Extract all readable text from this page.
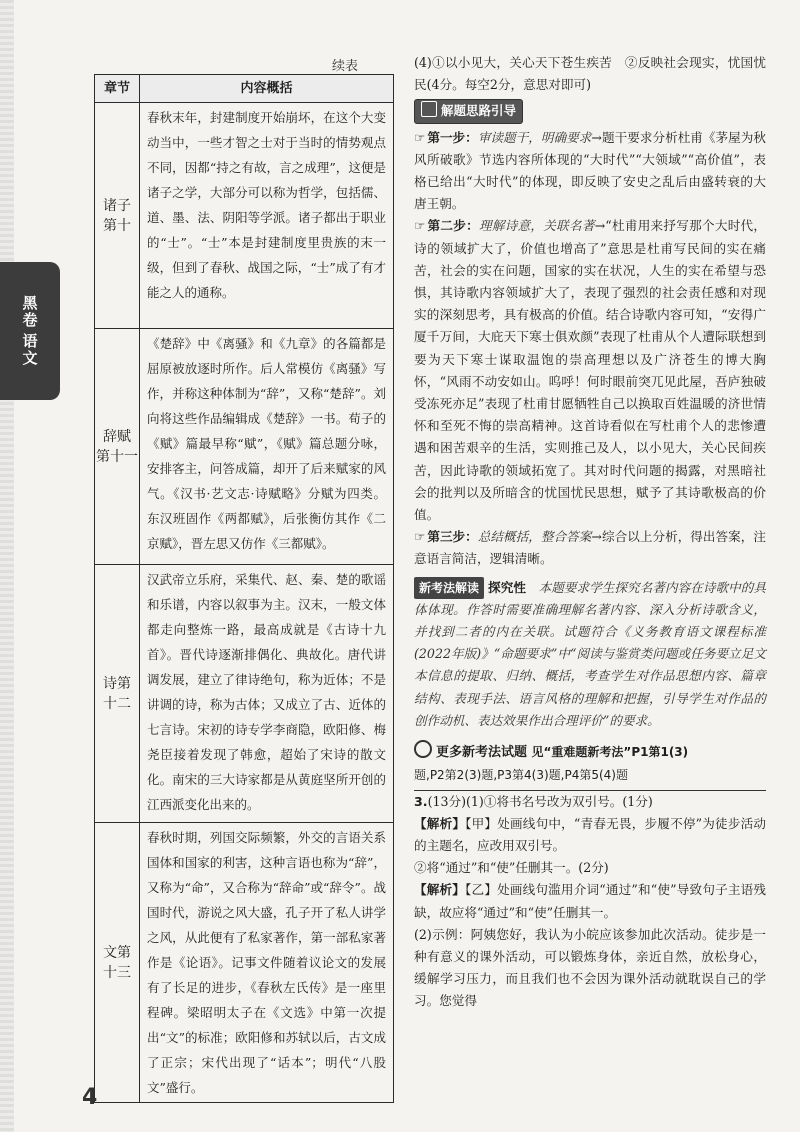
黑卷
语文
续表
章节	内容概括
诸子
第十	春秋末年，封建制度开始崩坏，在这个大变动当中，一些才智之士对于当时的情势观点不同，因都“持之有故，言之成理”，这便是诸子之学，大部分可以称为哲学，包括儒、道、墨、法、阴阳等学派。诸子都出于职业的“士”。“士”本是封建制度里贵族的末一级，但到了春秋、战国之际，“士”成了有才能之人的通称。
辞赋
第十一	《楚辞》中《离骚》和《九章》的各篇都是屈原被放逐时所作。后人常模仿《离骚》写作，并称这种体制为“辞”，又称“楚辞”。刘向将这些作品编辑成《楚辞》一书。荀子的《赋》篇最早称“赋”，《赋》篇总题分咏，安排客主，问答成篇，却开了后来赋家的风气。《汉书·艺文志·诗赋略》分赋为四类。东汉班固作《两都赋》，后张衡仿其作《二京赋》，晋左思又仿作《三都赋》。
诗第
十二	汉武帝立乐府，采集代、赵、秦、楚的歌谣和乐谱，内容以叙事为主。汉末，一般文体都走向整炼一路，最高成就是《古诗十九首》。晋代诗逐渐排偶化、典故化。唐代讲调发展，建立了律诗绝句，称为近体；不是讲调的诗，称为古体；又成立了古、近体的七言诗。宋初的诗专学李商隐，欧阳修、梅尧臣接着发现了韩愈，超始了宋诗的散文化。南宋的三大诗家都是从黄庭坚所开创的江西派变化出来的。
文第
十三	春秋时期，列国交际频繁，外交的言语关系国体和国家的利害，这种言语也称为“辞”，又称为“命”，又合称为“辞命”或“辞令”。战国时代，游说之风大盛，孔子开了私人讲学之风，从此便有了私家著作，第一部私家著作是《论语》。记事文件随着议论文的发展有了长足的进步，《春秋左氏传》是一座里程碑。梁昭明太子在《文选》中第一次提出“文”的标准；欧阳修和苏轼以后，古文成了正宗；宋代出现了“话本”；明代“八股文”盛行。

(4)①以小见大，关心天下苍生疾苦　②反映社会现实，忧国忧民(4分。每空2分，意思对即可)

解题思路引导

☞ 第一步：审读题干，明确要求→题干要求分析杜甫《茅屋为秋风所破歌》节选内容所体现的“大时代”“大领域”“高价值”，表格已给出“大时代”的体现，即反映了安史之乱后由盛转衰的大唐王朝。

☞ 第二步：理解诗意，关联名著→“杜甫用来抒写那个大时代，诗的领域扩大了，价值也增高了”意思是杜甫写民间的实在痛苦，社会的实在问题，国家的实在状况，人生的实在希望与恐惧，其诗歌内容领域扩大了，表现了强烈的社会责任感和对现实的深刻思考，具有极高的价值。结合诗歌内容可知，“安得广厦千万间，大庇天下寒士俱欢颜”表现了杜甫从个人遭际联想到要为天下寒士谋取温饱的崇高理想以及广济苍生的博大胸怀，“风雨不动安如山。呜呼！何时眼前突兀见此屋，吾庐独破受冻死亦足”表现了杜甫甘愿牺牲自己以换取百姓温暖的济世情怀和至死不悔的崇高精神。这首诗看似在写杜甫个人的悲惨遭遇和困苦艰辛的生活，实则推己及人，以小见大，关心民间疾苦，因此诗歌的领域拓宽了。其对时代问题的揭露，对黑暗社会的批判以及所暗含的忧国忧民思想，赋予了其诗歌极高的价值。

☞ 第三步：总结概括，整合答案→综合以上分析，得出答案，注意语言简洁，逻辑清晰。

新考法解读 探究性　 本题要求学生探究名著内容在诗歌中的具体体现。作答时需要准确理解名著内容、深入分析诗歌含义，并找到二者的内在关联。试题符合《义务教育语文课程标准(2022年版)》“命题要求”中“阅读与鉴赏类问题或任务要立足文本信息的提取、归纳、概括，考查学生对作品思想内容、篇章结构、表现手法、语言风格的理解和把握，引导学生对作品的创作动机、表达效果作出合理评价”的要求。

更多新考法试题 见“重难题新考法”P1第1(3)
题,P2第2(3)题,P3第4(3)题,P4第5(4)题

3.(13分)(1)①将书名号改为双引号。(1分)

【解析】【甲】处画线句中，“青春无畏，步履不停”为徒步活动的主题名，应改用双引号。

②将“通过”和“使”任删其一。(2分)

【解析】【乙】处画线句滥用介词“通过”和“使”导致句子主语残缺，故应将“通过”和“使”任删其一。

(2)示例：阿姨您好，我认为小皖应该参加此次活动。徒步是一种有意义的课外活动，可以锻炼身体，亲近自然，放松身心，缓解学习压力，而且我们也不会因为课外活动就耽误自己的学习。您觉得

4
